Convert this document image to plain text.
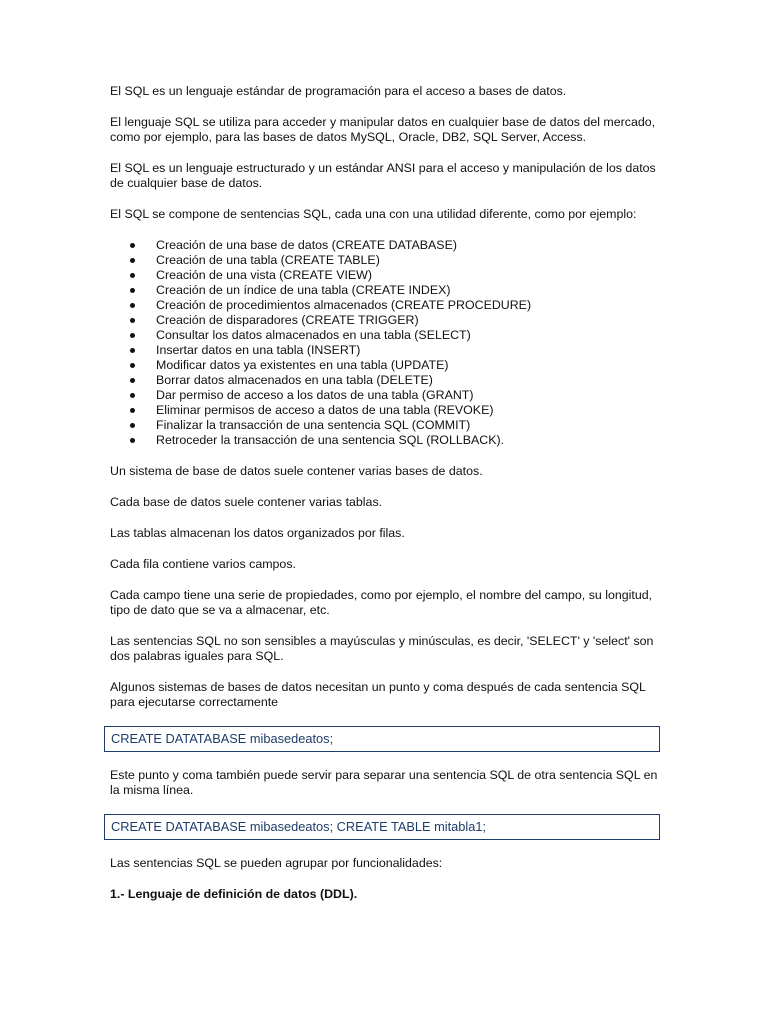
El SQL es un lenguaje estándar de programación para el acceso a bases de datos.

El lenguaje SQL se utiliza para acceder y manipular datos en cualquier base de datos del mercado, como por ejemplo, para las bases de datos MySQL, Oracle, DB2, SQL Server, Access.

El SQL es un lenguaje estructurado y un estándar ANSI para el acceso y manipulación de los datos de cualquier base de datos.

El SQL se compone de sentencias SQL, cada una con una utilidad diferente, como por ejemplo:

Creación de una base de datos (CREATE DATABASE)
Creación de una tabla (CREATE TABLE)
Creación de una vista (CREATE VIEW)
Creación de un índice de una tabla (CREATE INDEX)
Creación de procedimientos almacenados (CREATE PROCEDURE)
Creación de disparadores (CREATE TRIGGER)
Consultar los datos almacenados en una tabla (SELECT)
Insertar datos en una tabla (INSERT)
Modificar datos ya existentes en una tabla (UPDATE)
Borrar datos almacenados en una tabla (DELETE)
Dar permiso de acceso a los datos de una tabla (GRANT)
Eliminar permisos de acceso a datos de una tabla (REVOKE)
Finalizar la transacción de una sentencia SQL (COMMIT)
Retroceder la transacción de una sentencia SQL (ROLLBACK).

Un sistema de base de datos suele contener varias bases de datos.

Cada base de datos suele contener varias tablas.

Las tablas almacenan los datos organizados por filas.

Cada fila contiene varios campos.

Cada campo tiene una serie de propiedades, como por ejemplo, el nombre del campo, su longitud, tipo de dato que se va a almacenar, etc.

Las sentencias SQL no son sensibles a mayúsculas y minúsculas, es decir, 'SELECT' y 'select' son dos palabras iguales para SQL.

Algunos sistemas de bases de datos necesitan un punto y coma después de cada sentencia SQL para ejecutarse correctamente

CREATE DATATABASE mibasedeatos;

Este punto y coma también puede servir para separar una sentencia SQL de otra sentencia SQL en la misma línea.

CREATE DATATABASE mibasedeatos; CREATE TABLE mitabla1;

Las sentencias SQL se pueden agrupar por funcionalidades:

1.- Lenguaje de definición de datos (DDL).
